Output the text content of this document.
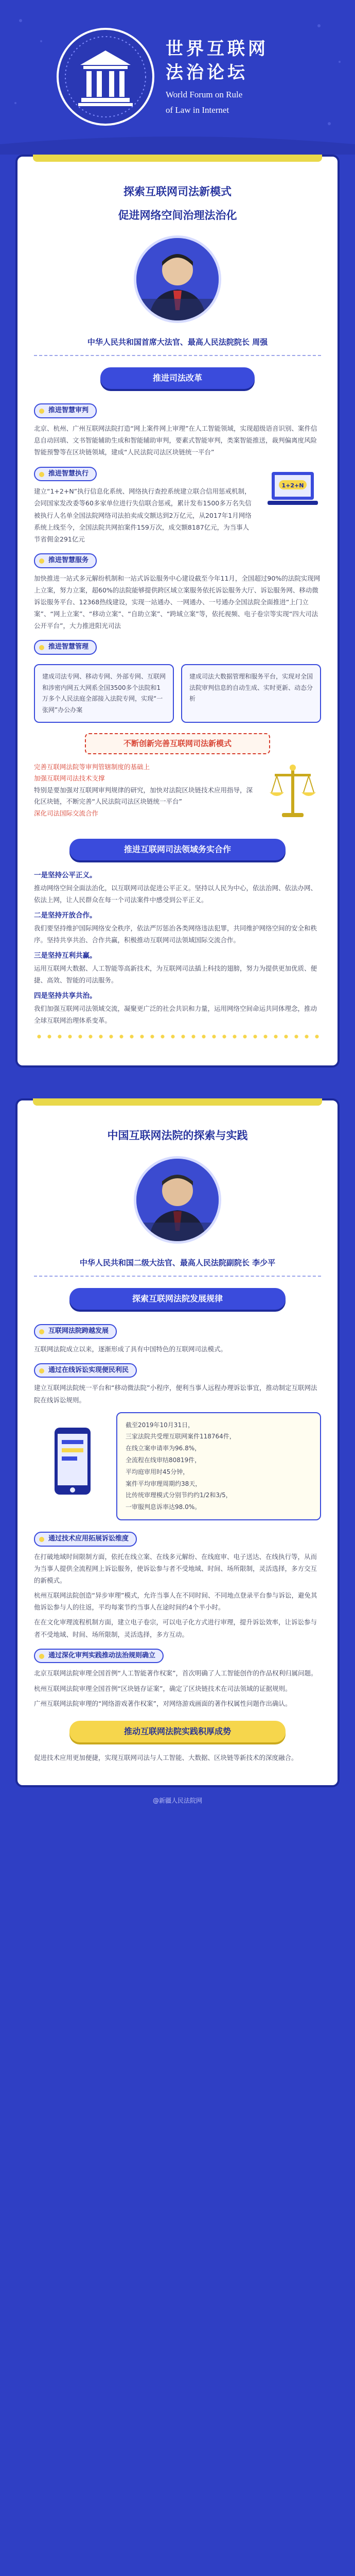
世界互联网
法治论坛
World Forum on Rule
of Law in Internet
探索互联网司法新模式
促进网络空间治理法治化
中华人民共和国首席大法官、最高人民法院院长 周强
推进司法改革
推进智慧审判

北京、杭州、广州互联网法院打造“网上案件网上审理”在人工智能领域，实现超级语音识别、案件信息自动回填、文书智能辅助生成和智能辅助审判，要素式智能审判，类案智能推送，裁判偏离度风险智能预警等在区块链领域，建成“人民法院司法区块链统一平台”

推进智慧执行

建立“1+2+N”执行信息化系统、网络执行查控系统建立联合信用惩戒机制，会同国家发改委等60多家单位进行失信联合惩戒，累计发布1500多万名失信被执行人名单全国法院网络司法拍卖成交额达到2万亿元，从2017年1月网络系统上线至今，全国法院共网拍案件159万次，成交额8187亿元，为当事人节省佣金291亿元

1+2+N
推进智慧服务

加快推进一站式多元解纷机制和一站式诉讼服务中心建设截至今年11月，全国超过90%的法院实现网上立案，努力立案，超60%的法院能够提供跨区域立案服务依托诉讼服务大厅、诉讼服务网、移动微诉讼服务平台、12368热线建设，实现一站通办、一网通办、一号通办全国法院全面推进“上门立案”、“网上立案”、“移动立案”、“自助立案”、“跨域立案”等，依托视频、电子卷宗等实现“四大司法公开平台”，大力推进阳光司法

推进智慧管理
建成司法专网、移动专网、外部专网、互联网和涉密内网五大网系全国3500多个法院和1万多个人民法庭全部接入法院专网，实现“一张网”办公办案
建成司法大数据管理和服务平台，实现对全国法院审判信息的自动生成、实时更新、动态分析
不断创新完善互联网司法新模式

完善互联网法院等审判管辖制度的基础上

加强互联网司法技术支撑

特别是要加强对互联网审判规律的研究，加快对法院区块链技术应用指导，深化区块链，不断完善“人民法院司法区块链统一平台”

深化司法国际交流合作

推进互联网司法领域务实合作
一是坚持公平正义。

推动网络空间全面法治化，以互联网司法促进公平正义。坚持以人民为中心，依法治网、依法办网、依法上网，让人民群众在每一个司法案件中感受到公平正义。

二是坚持开放合作。

我们要坚持维护国际网络安全秩序，依法严厉惩治各类网络违法犯罪，共同维护网络空间的安全和秩序。坚持共享共治、合作共赢，积极推动互联网司法领域国际交流合作。

三是坚持互利共赢。

运用互联网大数据、人工智能等高新技术，为互联网司法插上科技的翅膀，努力为提供更加优质、便捷、高效、智能的司法服务。

四是坚持共享共治。

我们加强互联网司法领域交流，凝聚更广泛的社会共识和力量，运用网络空间命运共同体理念，推动全球互联网治理体系变革。

中国互联网法院的探索与实践
中华人民共和国二级大法官、最高人民法院副院长 李少平
探索互联网法院发展规律
互联网法院跨越发展

互联网法院成立以来，逐渐形成了具有中国特色的互联网司法模式。

通过在线诉讼实现便民利民

建立互联网法院统一平台和“移动微法院”小程序，便利当事人远程办理诉讼事宜，推动制定互联网法院在线诉讼规则。

截至2019年10月31日，
三家法院共受理互联网案件118764件，
在线立案申请率为96.8%，
全流程在线审结80819件，
平均庭审用时45分钟，
案件平均审理周期约38天，
比传统审理模式分别节约约1/2和3/5，
一审服判息诉率达98.0%。
通过技术应用拓展诉讼维度

在打破地域时间限制方面，依托在线立案、在线多元解纷、在线庭审、电子送达、在线执行等，从而为当事人提供全流程网上诉讼服务，使诉讼参与者不受地域、时间、场所限制，灵活选择，多方交互的新模式。

杭州互联网法院创造“异步审理”模式，允许当事人在不同时间、不同地点登录平台参与诉讼，避免其他诉讼参与人的往返，平均每案节约当事人在途时间约4个半小时。

在在文化审理流程机制方面，建立电子卷宗，可以电子化方式进行审理，提升诉讼效率，让诉讼参与者不受地域、时间、场所限制，灵活选择，多方互动。

通过深化审判实践推动法治规则确立

北京互联网法院审理全国首例“人工智能著作权案”，首次明确了人工智能创作的作品权利归属问题。

杭州互联网法院审理全国首例“区块链存证案”，确定了区块链技术在司法领域的证据规则。

广州互联网法院审理的“网络游戏著作权案”，对网络游戏画面的著作权属性问题作出确认。

推动互联网法院实践积厚成势

促进技术应用更加便捷，实现互联网司法与人工智能、大数据、区块链等新技术的深度融合。

@新疆人民法院网
